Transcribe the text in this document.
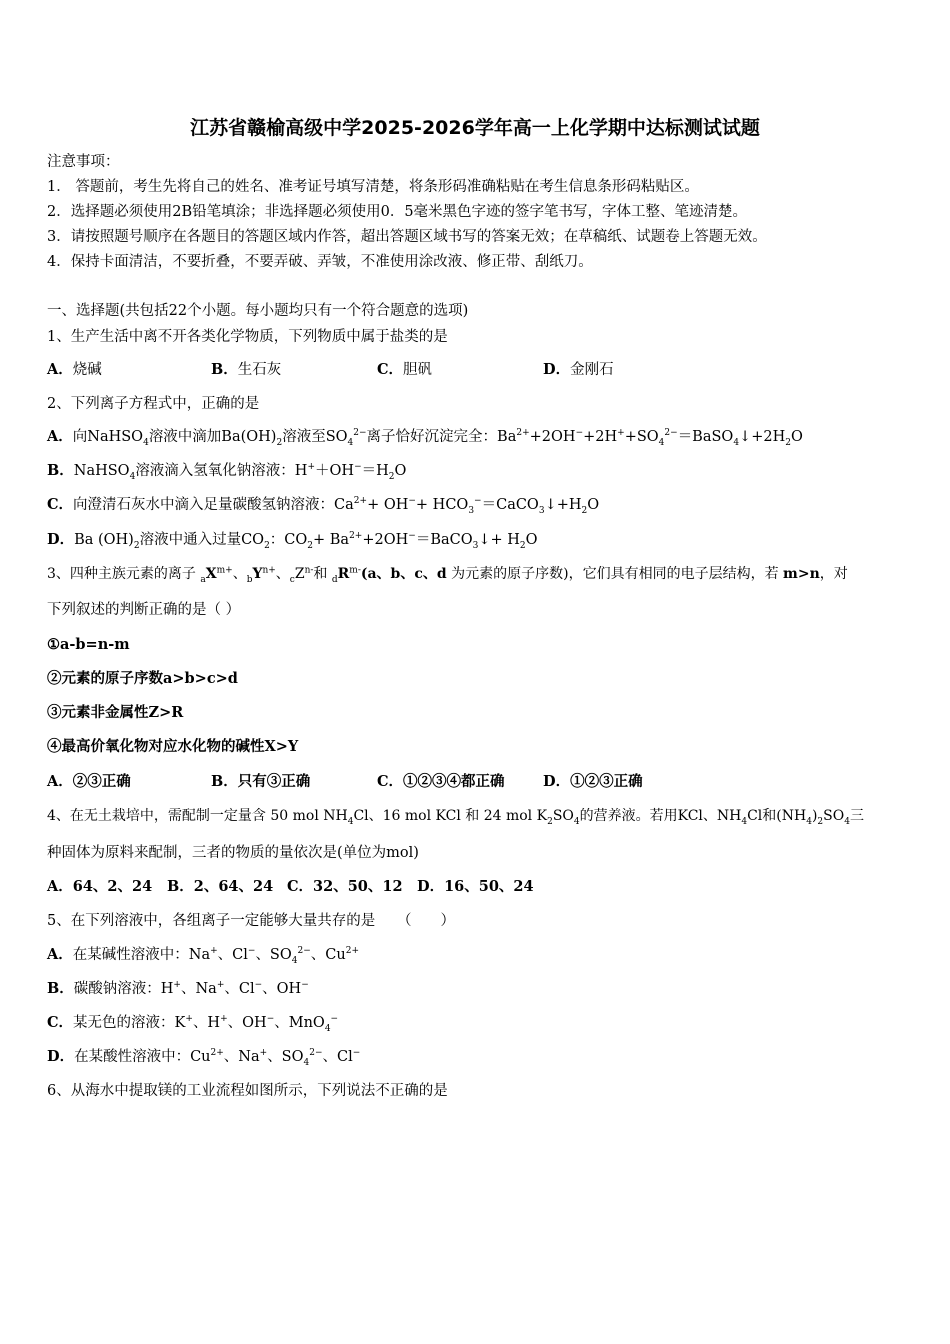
江苏省赣榆高级中学2025-2026学年高一上化学期中达标测试试题
注意事项：
1． 答题前，考生先将自己的姓名、准考证号填写清楚，将条形码准确粘贴在考生信息条形码粘贴区。
2．选择题必须使用2B铅笔填涂；非选择题必须使用0．5毫米黑色字迹的签字笔书写，字体工整、笔迹清楚。
3．请按照题号顺序在各题目的答题区域内作答，超出答题区域书写的答案无效；在草稿纸、试题卷上答题无效。
4．保持卡面清洁，不要折叠，不要弄破、弄皱，不准使用涂改液、修正带、刮纸刀。
一、选择题(共包括22个小题。每小题均只有一个符合题意的选项)
1、生产生活中离不开各类化学物质，下列物质中属于盐类的是
A．烧碱	B．生石灰	C．胆矾	D．金刚石
2、下列离子方程式中，正确的是
A．向NaHSO$_4$溶液中滴加$Ba(OH)_2$溶液至$SO_4^{2-}$离子恰好沉淀完全：$Ba^{2+}+2OH^-+2H^++SO_4^{2-}=BaSO_4↓+2H_2O$
B．NaHSO$_4$溶液滴入氢氧化钠溶液：$H^++OH^-=H_2O$
C．向澄清石灰水中滴入足量碳酸氢钠溶液：$Ca^{2+}+ OH^-+$ $HCO_3^-=CaCO_3↓+H_2O$
D．Ba $(OH)_2$溶液中通入过量$CO_2$：$CO_2+$ $Ba^{2+}+2OH^-=BaCO_3↓+ H_2O$
3、四种主族元素的离子 $_aX^{m+}$、$_bY^{n+}$、$_cZ^{n-}$和 $_dR^{m-}(a$、b、c、d 为元素的原子序数)，它们具有相同的电子层结构，若 m>n，对
下列叙述的判断正确的是（ ）
①a-b=n-m
②元素的原子序数a>b>c>d
③元素非金属性Z>R
④最高价氧化物对应水化物的碱性X>Y
A．②③正确	B．只有③正确	C．①②③④都正确	D．①②③正确
4、在无土栽培中，需配制一定量含 50 mol $NH_4Cl$、16 mol KCl 和 24 mol $K_2SO_4$的营养液。若用KCl、$NH_4Cl$和$(NH_4)_2SO_4$三
种固体为原料来配制，三者的物质的量依次是(单位为mol)
A．64、2、24 B．2、64、24 C．32、50、12 D．16、50、24
5、在下列溶液中，各组离子一定能够大量共存的是　　（　　）
A．在某碱性溶液中：Na+、Cl−、$SO_4^{2-}$、$Cu^{2+}$
B．碳酸钠溶液：H+、Na+、Cl−、OH−
C．某无色的溶液：K+、H+、OH−、MnO$_4$−
D．在某酸性溶液中：$Cu^{2+}$、Na+、$SO_4^{2-}$、Cl−
6、从海水中提取镁的工业流程如图所示，下列说法不正确的是
